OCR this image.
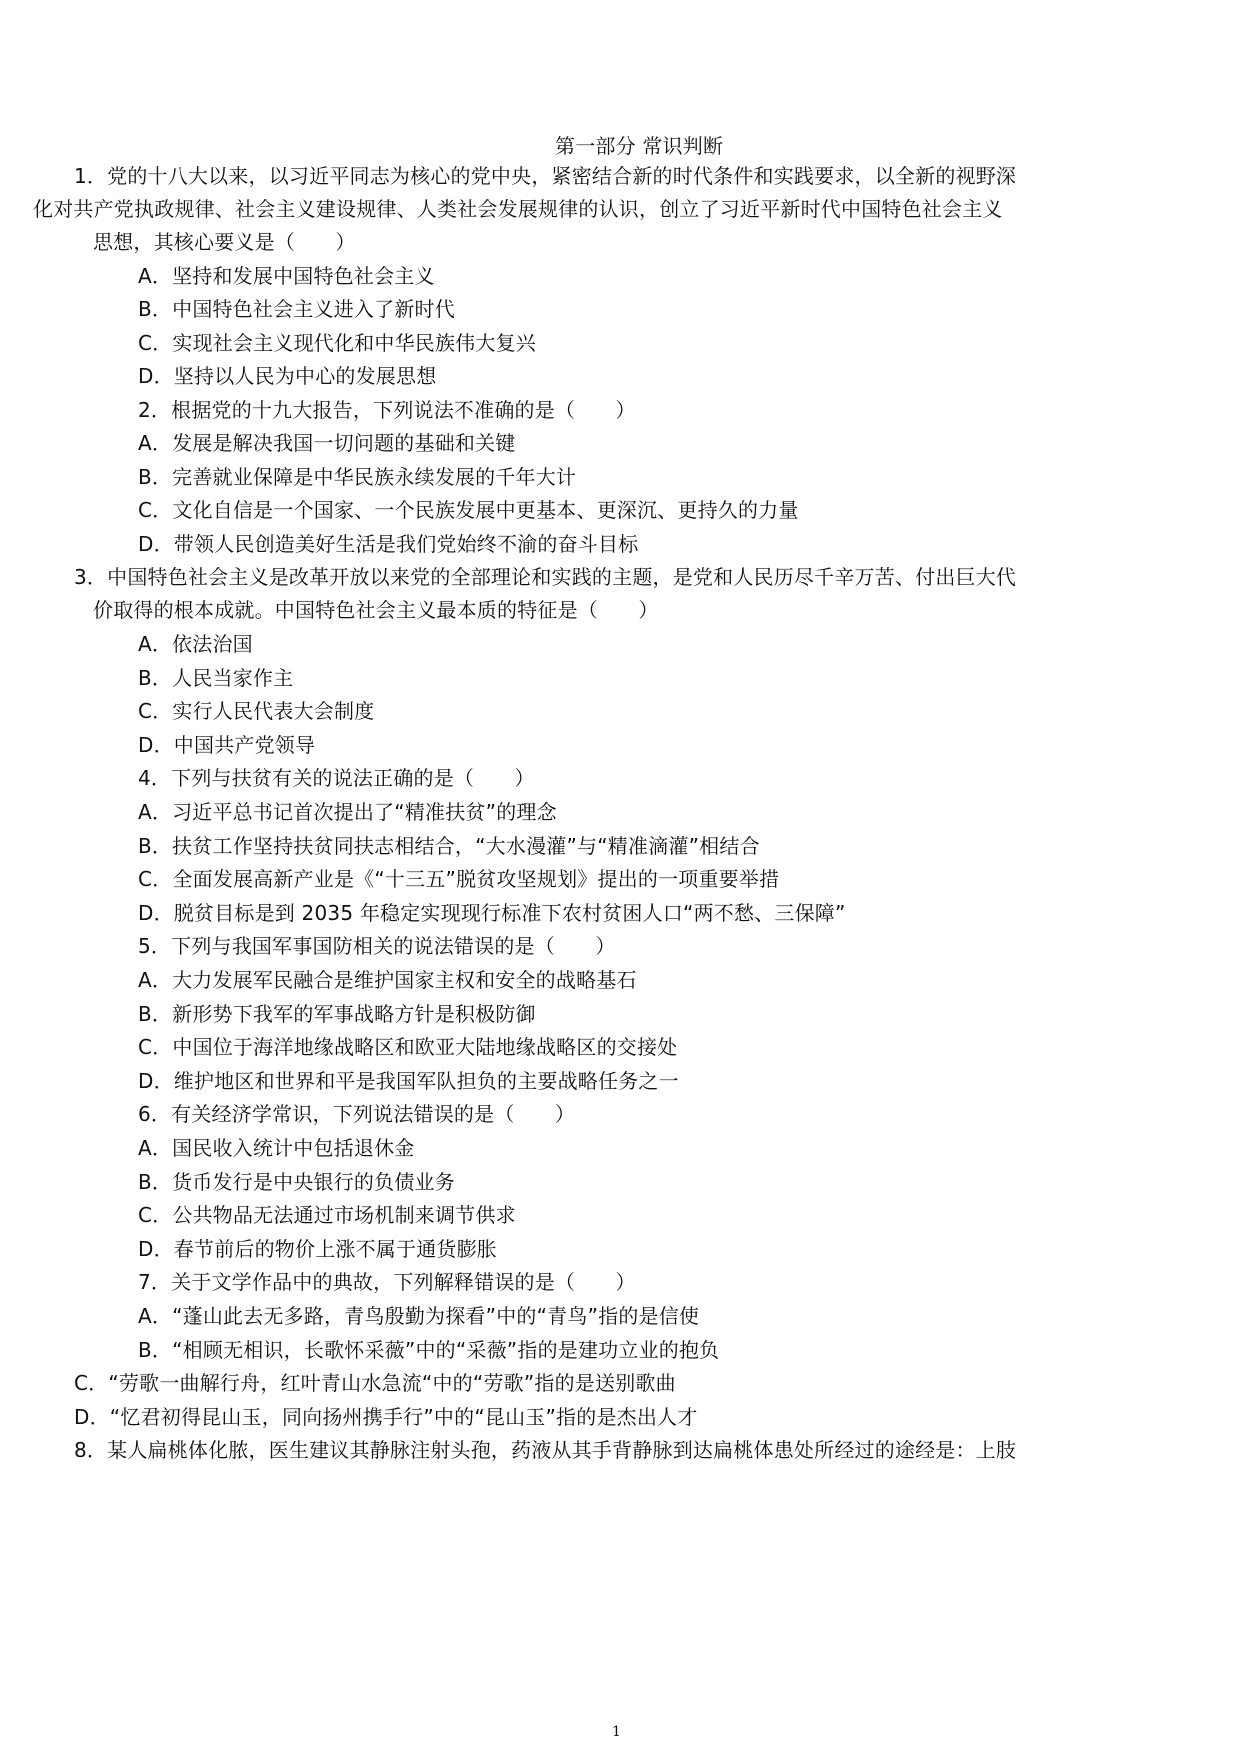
第一部分 常识判断
1．党的十八大以来，以习近平同志为核心的党中央，紧密结合新的时代条件和实践要求，以全新的视野深
化对共产党执政规律、社会主义建设规律、人类社会发展规律的认识，创立了习近平新时代中国特色社会主义
思想，其核心要义是（　　）
A．坚持和发展中国特色社会主义
B．中国特色社会主义进入了新时代
C．实现社会主义现代化和中华民族伟大复兴
D．坚持以人民为中心的发展思想
2．根据党的十九大报告，下列说法不准确的是（　　）
A．发展是解决我国一切问题的基础和关键
B．完善就业保障是中华民族永续发展的千年大计
C．文化自信是一个国家、一个民族发展中更基本、更深沉、更持久的力量
D．带领人民创造美好生活是我们党始终不渝的奋斗目标
3．中国特色社会主义是改革开放以来党的全部理论和实践的主题，是党和人民历尽千辛万苦、付出巨大代
价取得的根本成就。中国特色社会主义最本质的特征是（　　）
A．依法治国
B．人民当家作主
C．实行人民代表大会制度
D．中国共产党领导
4．下列与扶贫有关的说法正确的是（　　）
A．习近平总书记首次提出了“精准扶贫”的理念
B．扶贫工作坚持扶贫同扶志相结合，“大水漫灌”与“精准滴灌”相结合
C．全面发展高新产业是《“十三五”脱贫攻坚规划》提出的一项重要举措
D．脱贫目标是到 2035 年稳定实现现行标准下农村贫困人口“两不愁、三保障”
5．下列与我国军事国防相关的说法错误的是（　　）
A．大力发展军民融合是维护国家主权和安全的战略基石
B．新形势下我军的军事战略方针是积极防御
C．中国位于海洋地缘战略区和欧亚大陆地缘战略区的交接处
D．维护地区和世界和平是我国军队担负的主要战略任务之一
6．有关经济学常识，下列说法错误的是（　　）
A．国民收入统计中包括退休金
B．货币发行是中央银行的负债业务
C．公共物品无法通过市场机制来调节供求
D．春节前后的物价上涨不属于通货膨胀
7．关于文学作品中的典故，下列解释错误的是（　　）
A．“蓬山此去无多路，青鸟殷勤为探看”中的“青鸟”指的是信使
B．“相顾无相识，长歌怀采薇”中的“采薇”指的是建功立业的抱负
C．“劳歌一曲解行舟，红叶青山水急流“中的“劳歌”指的是送别歌曲
D．“忆君初得昆山玉，同向扬州携手行”中的“昆山玉”指的是杰出人才
8．某人扁桃体化脓，医生建议其静脉注射头孢，药液从其手背静脉到达扁桃体患处所经过的途经是：上肢
1
